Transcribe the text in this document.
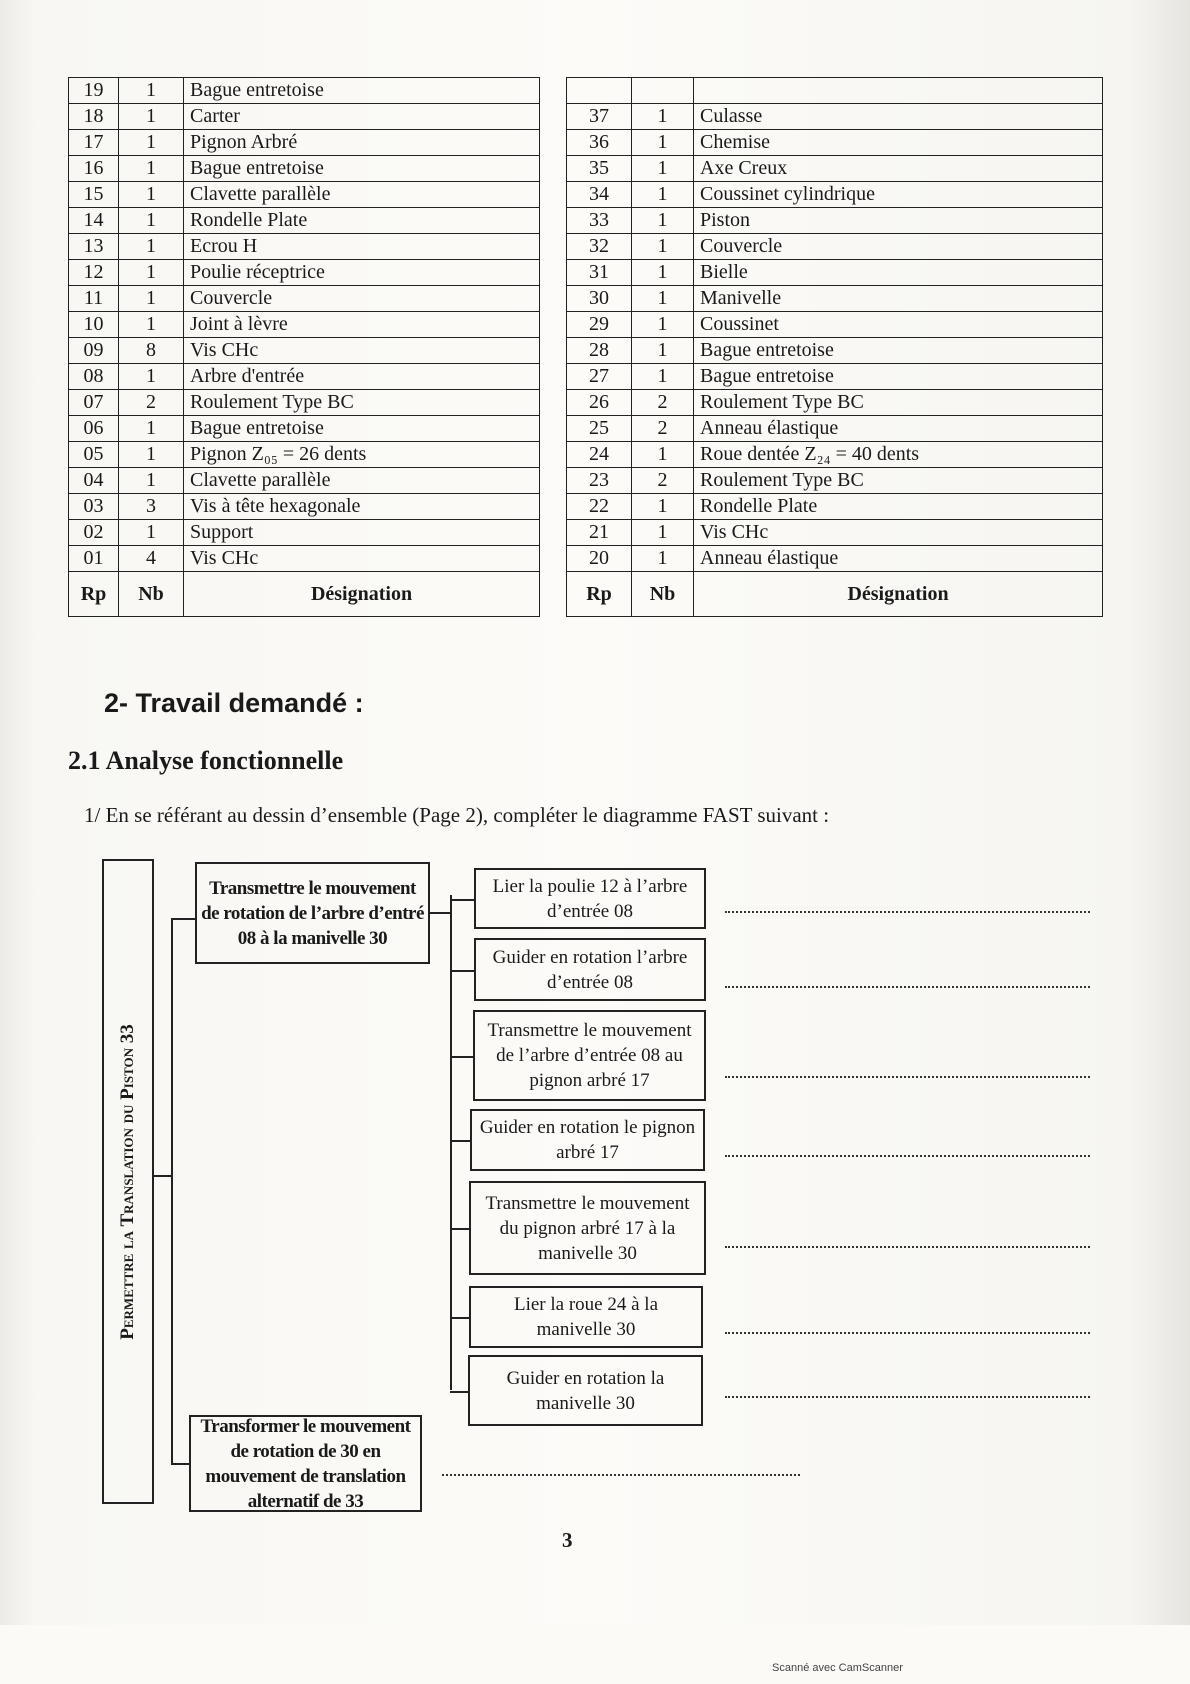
19	1	Bague entretoise
18	1	Carter
17	1	Pignon Arbré
16	1	Bague entretoise
15	1	Clavette parallèle
14	1	Rondelle Plate
13	1	Ecrou H
12	1	Poulie réceptrice
11	1	Couvercle
10	1	Joint à lèvre
09	8	Vis CHc
08	1	Arbre d'entrée
07	2	Roulement Type BC
06	1	Bague entretoise
05	1	Pignon Z₀₅ = 26 dents
04	1	Clavette parallèle
03	3	Vis à tête hexagonale
02	1	Support
01	4	Vis CHc
Rp	Nb	Désignation

37	1	Culasse
36	1	Chemise
35	1	Axe Creux
34	1	Coussinet cylindrique
33	1	Piston
32	1	Couvercle
31	1	Bielle
30	1	Manivelle
29	1	Coussinet
28	1	Bague entretoise
27	1	Bague entretoise
26	2	Roulement Type BC
25	2	Anneau élastique
24	1	Roue dentée Z₂₄ = 40 dents
23	2	Roulement Type BC
22	1	Rondelle Plate
21	1	Vis CHc
20	1	Anneau élastique
Rp	Nb	Désignation
2- Travail demandé :
2.1 Analyse fonctionnelle
1/ En se référant au dessin d’ensemble (Page 2), compléter le diagramme FAST suivant :
Permettre la Translation du Piston 33
Transmettre le mouvement de rotation de l’arbre d’entré 08 à la manivelle 30
Transformer le mouvement de rotation de 30 en mouvement de translation alternatif de 33
Lier la poulie 12 à l’arbre d’entrée 08
Guider en rotation l’arbre d’entrée 08
Transmettre le mouvement de l’arbre d’entrée 08 au pignon arbré 17
Guider en rotation le pignon arbré 17
Transmettre le mouvement du pignon arbré 17 à la manivelle 30
Lier la roue 24 à la manivelle 30
Guider en rotation la manivelle 30
3
Scanné avec CamScanner
